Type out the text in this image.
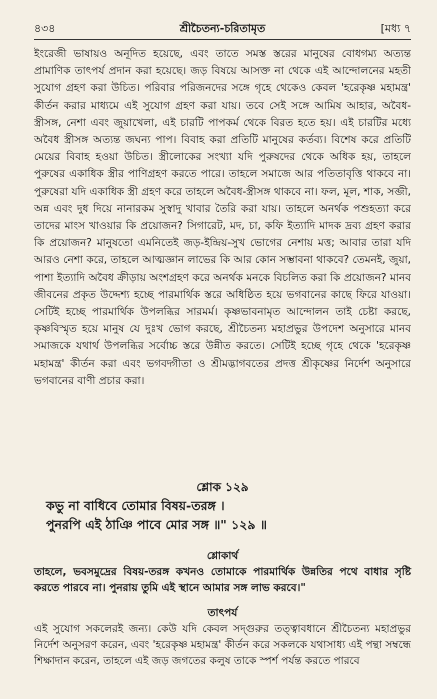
৪৩৪	শ্রীচৈতন্য-চরিতামৃত	[মধ্য ৭

ইংরেজী ভাষায়ও অনূদিত হয়েছে, এবং তাতে সমস্ত স্তরের মানুষের বোধগম্য অত্যন্ত প্রামাণিক তাৎপর্য প্রদান করা হয়েছে। জড় বিষয়ে আসক্ত না থেকে এই আন্দোলনের মহতী সুযোগ গ্রহণ করা উচিত। পরিবার পরিজনদের সঙ্গে গৃহে থেকেও কেবল 'হরেকৃষ্ণ মহামন্ত্র' কীর্তন করার মাধ্যমে এই সুযোগ গ্রহণ করা যায়। তবে সেই সঙ্গে আমিষ আহার, অবৈধ-স্ত্রীসঙ্গ, নেশা এবং জুয়াখেলা, এই চারটি পাপকর্ম থেকে বিরত হতে হয়। এই চারটির মধ্যে অবৈধ স্ত্রীসঙ্গ অত্যন্ত জঘন্য পাপ। বিবাহ করা প্রতিটি মানুষের কর্তব্য। বিশেষ করে প্রতিটি মেয়ের বিবাহ হওয়া উচিত। স্ত্রীলোকের সংখ্যা যদি পুরুষদের থেকে অধিক হয়, তাহলে পুরুষের একাধিক স্ত্রীর পাণিগ্রহণ করতে পারে। তাহলে সমাজে আর পতিতাবৃত্তি থাকবে না। পুরুষেরা যদি একাধিক স্ত্রী গ্রহণ করে তাহলে অবৈধ-স্ত্রীসঙ্গ থাকবে না। ফল, মূল, শাক, সব্জী, অন্ন এবং দুধ দিয়ে নানারকম সুস্বাদু খাবার তৈরি করা যায়। তাহলে অনর্থক পশুহত্যা করে তাদের মাংস খাওয়ার কি প্রয়োজন? সিগারেট, মদ, চা, কফি ইত্যাদি মাদক দ্রব্য গ্রহণ করার কি প্রয়োজন? মানুষতো এমনিতেই জড়-ইন্দ্রিয়-সুখ ভোগের নেশায় মত্ত; আবার তারা যদি আরও নেশা করে, তাহলে আত্মজ্ঞান লাভের কি আর কোন সম্ভাবনা থাকবে? তেমনই, জুয়া, পাশা ইত্যাদি অবৈধ ক্রীড়ায় অংশগ্রহণ করে অনর্থক মনকে বিচলিত করা কি প্রয়োজন? মানব জীবনের প্রকৃত উদ্দেশ্য হচ্ছে পারমার্থিক স্তরে অধিষ্ঠিত হয়ে ভগবানের কাছে ফিরে যাওয়া। সেটিই হচ্ছে পারমার্থিক উপলব্ধির সারমর্ম। কৃষ্ণভাবনামৃত আন্দোলন তাই চেষ্টা করছে, কৃষ্ণবিস্মৃত হয়ে মানুষ যে দুঃখ ভোগ করছে, শ্রীচৈতন্য মহাপ্রভুর উপদেশ অনুসারে মানব সমাজকে যথার্থ উপলব্ধির সর্বোচ্চ স্তরে উন্নীত করতে। সেটিই হচ্ছে গৃহে থেকে 'হরেকৃষ্ণ মহামন্ত্র' কীর্তন করা এবং ভগবদ্গীতা ও শ্রীমদ্ভাগবতের প্রদত্ত শ্রীকৃষ্ণের নির্দেশ অনুসারে ভগবানের বাণী প্রচার করা।

শ্লোক ১২৯
কভু না বাধিবে তোমার বিষয়-তরঙ্গ ।
পুনরপি এই ঠাঞি পাবে মোর সঙ্গ ॥" ১২৯ ॥
শ্লোকার্থ

তাহলে, ভবসমুদ্রের বিষয়-তরঙ্গ কখনও তোমাকে পারমার্থিক উন্নতির পথে বাধার সৃষ্টি করতে পারবে না। পুনরায় তুমি এই স্থানে আমার সঙ্গ লাভ করবে।"

তাৎপর্য

এই সুযোগ সকলেরই জন্য। কেউ যদি কেবল সদ্গুরুর তত্ত্বাবধানে শ্রীচৈতন্য মহাপ্রভুর নির্দেশ অনুসরণ করেন, এবং 'হরেকৃষ্ণ মহামন্ত্র' কীর্তন করে সকলকে যথাসাধ্য এই পন্থা সম্বন্ধে শিক্ষাদান করেন, তাহলে এই জড় জগতের কলুষ তাকে স্পর্শ পর্যন্ত করতে পারবে
